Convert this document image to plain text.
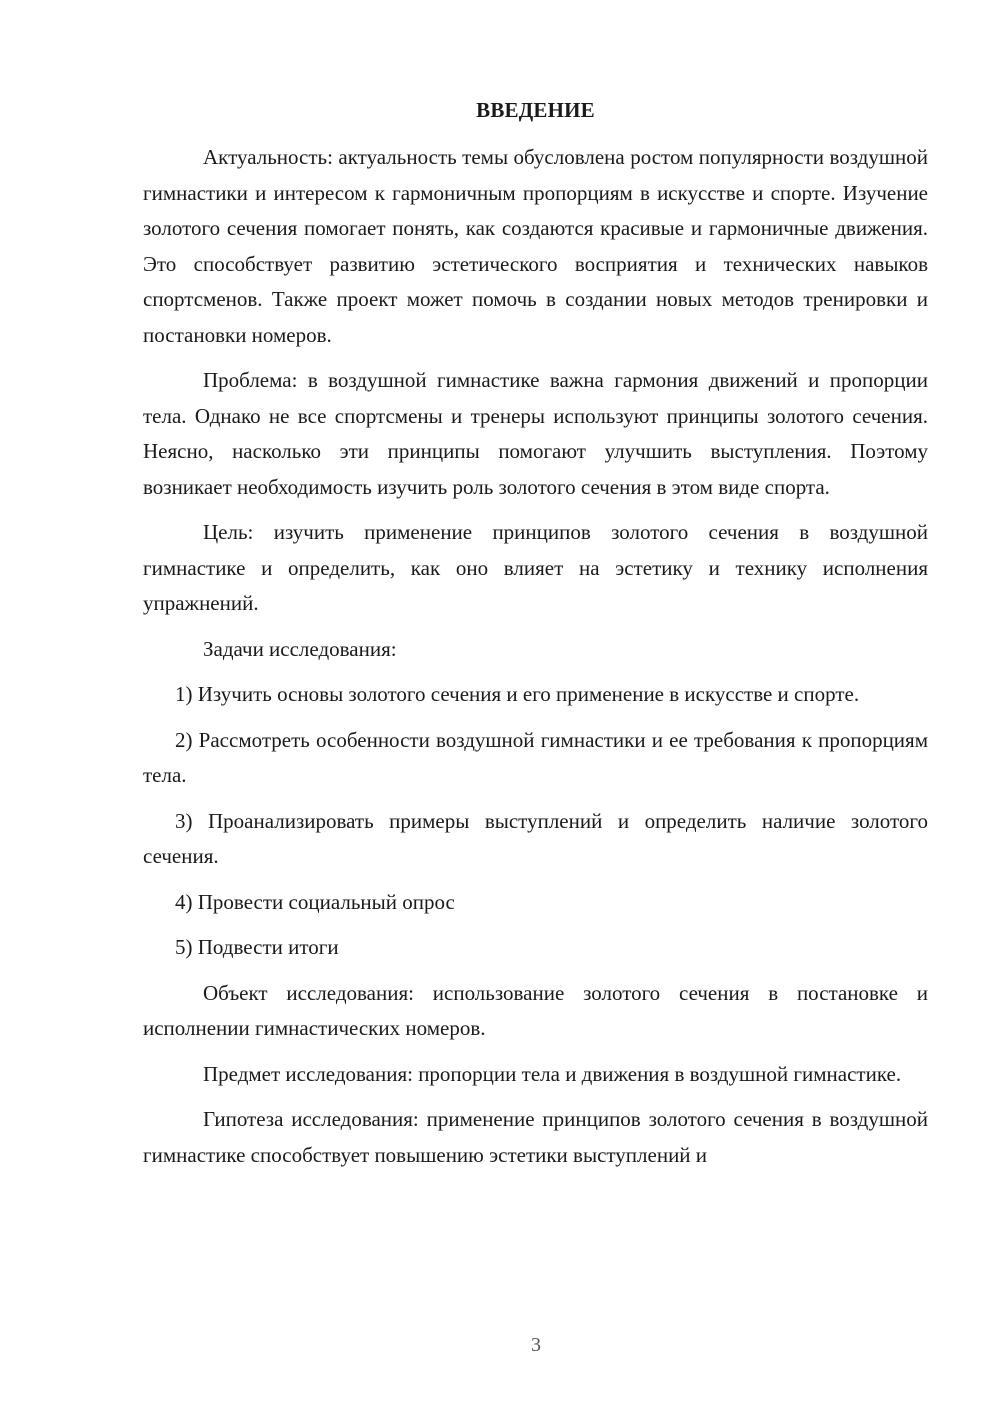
ВВЕДЕНИЕ

Актуальность: актуальность темы обусловлена ростом популярности воздушной гимнастики и интересом к гармоничным пропорциям в искусстве и спорте. Изучение золотого сечения помогает понять, как создаются красивые и гармоничные движения. Это способствует развитию эстетического восприятия и технических навыков спортсменов. Также проект может помочь в создании новых методов тренировки и постановки номеров.

Проблема: в воздушной гимнастике важна гармония движений и пропорции тела. Однако не все спортсмены и тренеры используют принципы золотого сечения. Неясно, насколько эти принципы помогают улучшить выступления. Поэтому возникает необходимость изучить роль золотого сечения в этом виде спорта.

Цель: изучить применение принципов золотого сечения в воздушной гимнастике и определить, как оно влияет на эстетику и технику исполнения упражнений.

Задачи исследования:

1) Изучить основы золотого сечения и его применение в искусстве и спорте.

2) Рассмотреть особенности воздушной гимнастики и ее требования к пропорциям тела.

3) Проанализировать примеры выступлений и определить наличие золотого сечения.

4) Провести социальный опрос

5) Подвести итоги

Объект исследования: использование золотого сечения в постановке и исполнении гимнастических номеров.

Предмет исследования: пропорции тела и движения в воздушной гимнастике.

Гипотеза исследования: применение принципов золотого сечения в воздушной гимнастике способствует повышению эстетики выступлений и

3
